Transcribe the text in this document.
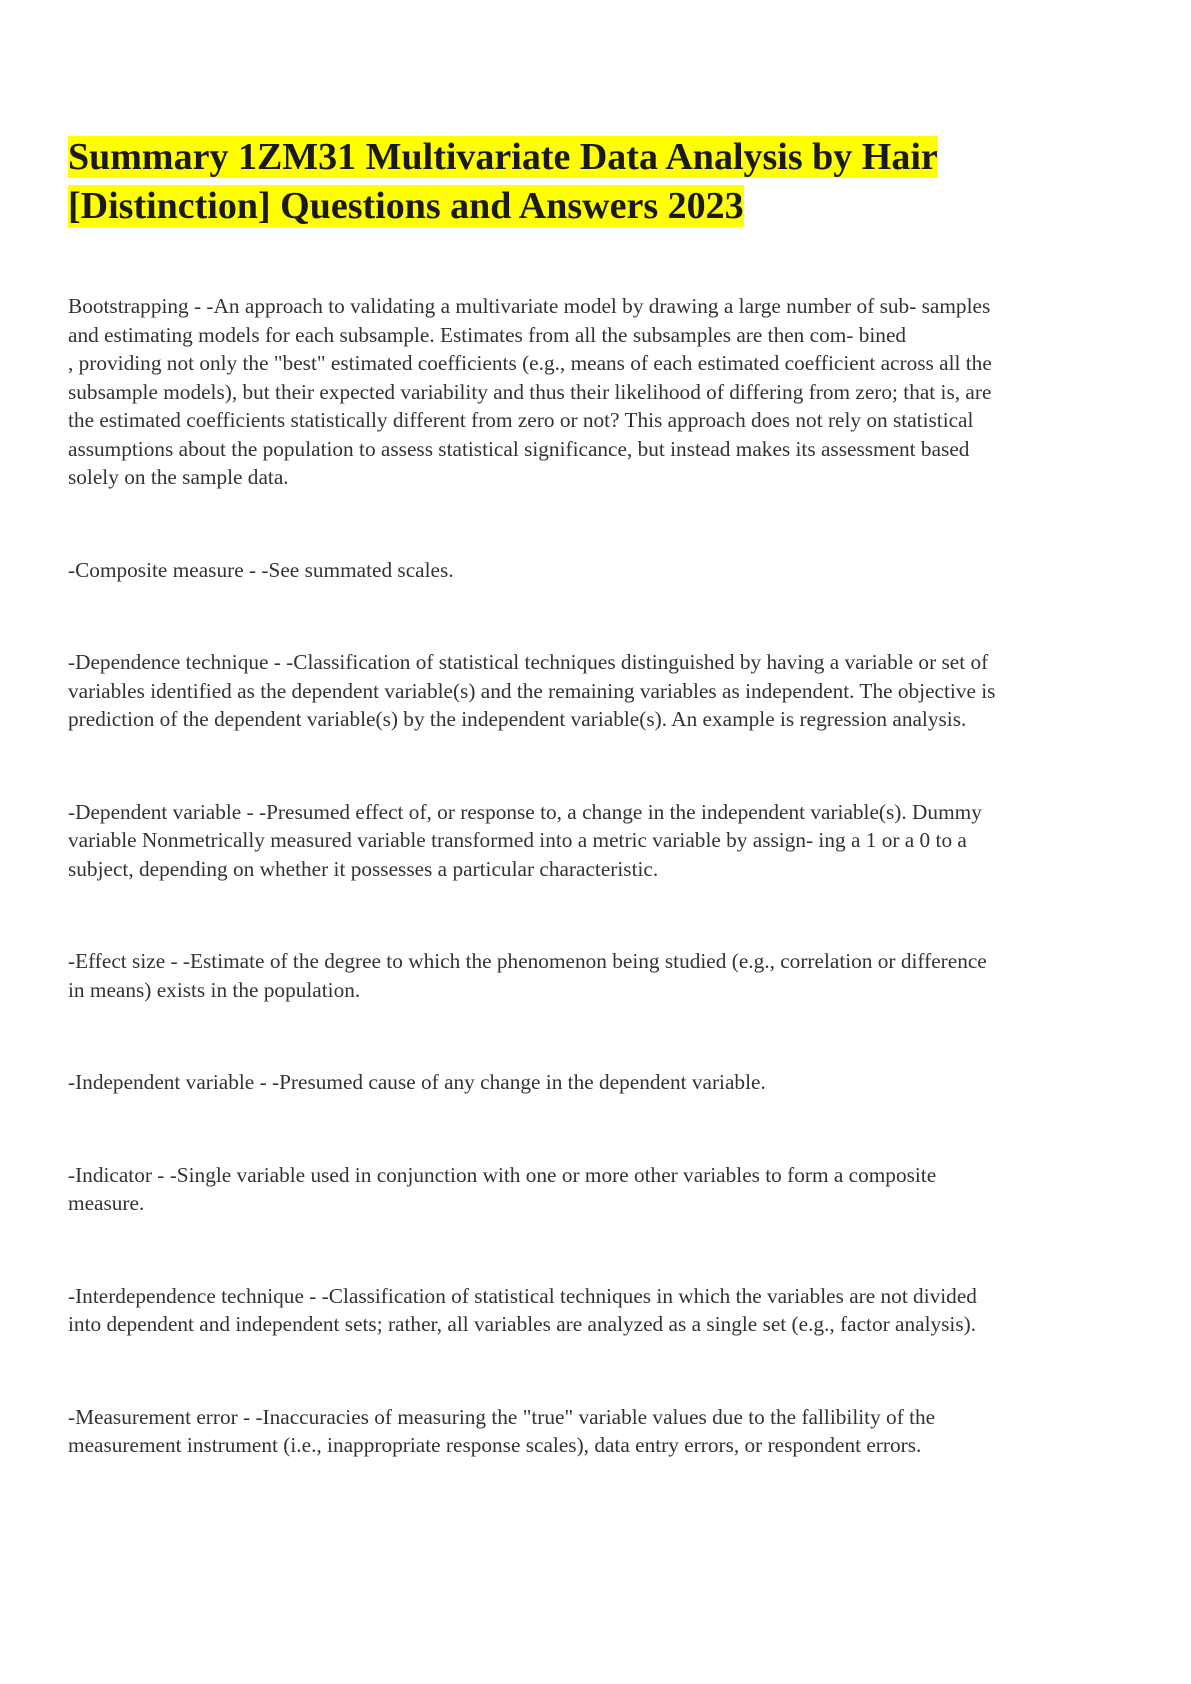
Summary 1ZM31 Multivariate Data Analysis by Hair
[Distinction] Questions and Answers 2023
Bootstrapping - -An approach to validating a multivariate model by drawing a large number of sub- samples
and estimating models for each subsample. Estimates from all the subsamples are then com- bined
, providing not only the "best" estimated coefficients (e.g., means of each estimated coefficient across all the
subsample models), but their expected variability and thus their likelihood of differing from zero; that is, are
the estimated coefficients statistically different from zero or not? This approach does not rely on statistical
assumptions about the population to assess statistical significance, but instead makes its assessment based
solely on the sample data.
-Composite measure - -See summated scales.
-Dependence technique - -Classification of statistical techniques distinguished by having a variable or set of
variables identified as the dependent variable(s) and the remaining variables as independent. The objective is
prediction of the dependent variable(s) by the independent variable(s). An example is regression analysis.
-Dependent variable - -Presumed effect of, or response to, a change in the independent variable(s). Dummy
variable Nonmetrically measured variable transformed into a metric variable by assign- ing a 1 or a 0 to a
subject, depending on whether it possesses a particular characteristic.
-Effect size - -Estimate of the degree to which the phenomenon being studied (e.g., correlation or difference
in means) exists in the population.
-Independent variable - -Presumed cause of any change in the dependent variable.
-Indicator - -Single variable used in conjunction with one or more other variables to form a composite
measure.
-Interdependence technique - -Classification of statistical techniques in which the variables are not divided
into dependent and independent sets; rather, all variables are analyzed as a single set (e.g., factor analysis).
-Measurement error - -Inaccuracies of measuring the "true" variable values due to the fallibility of the
measurement instrument (i.e., inappropriate response scales), data entry errors, or respondent errors.
